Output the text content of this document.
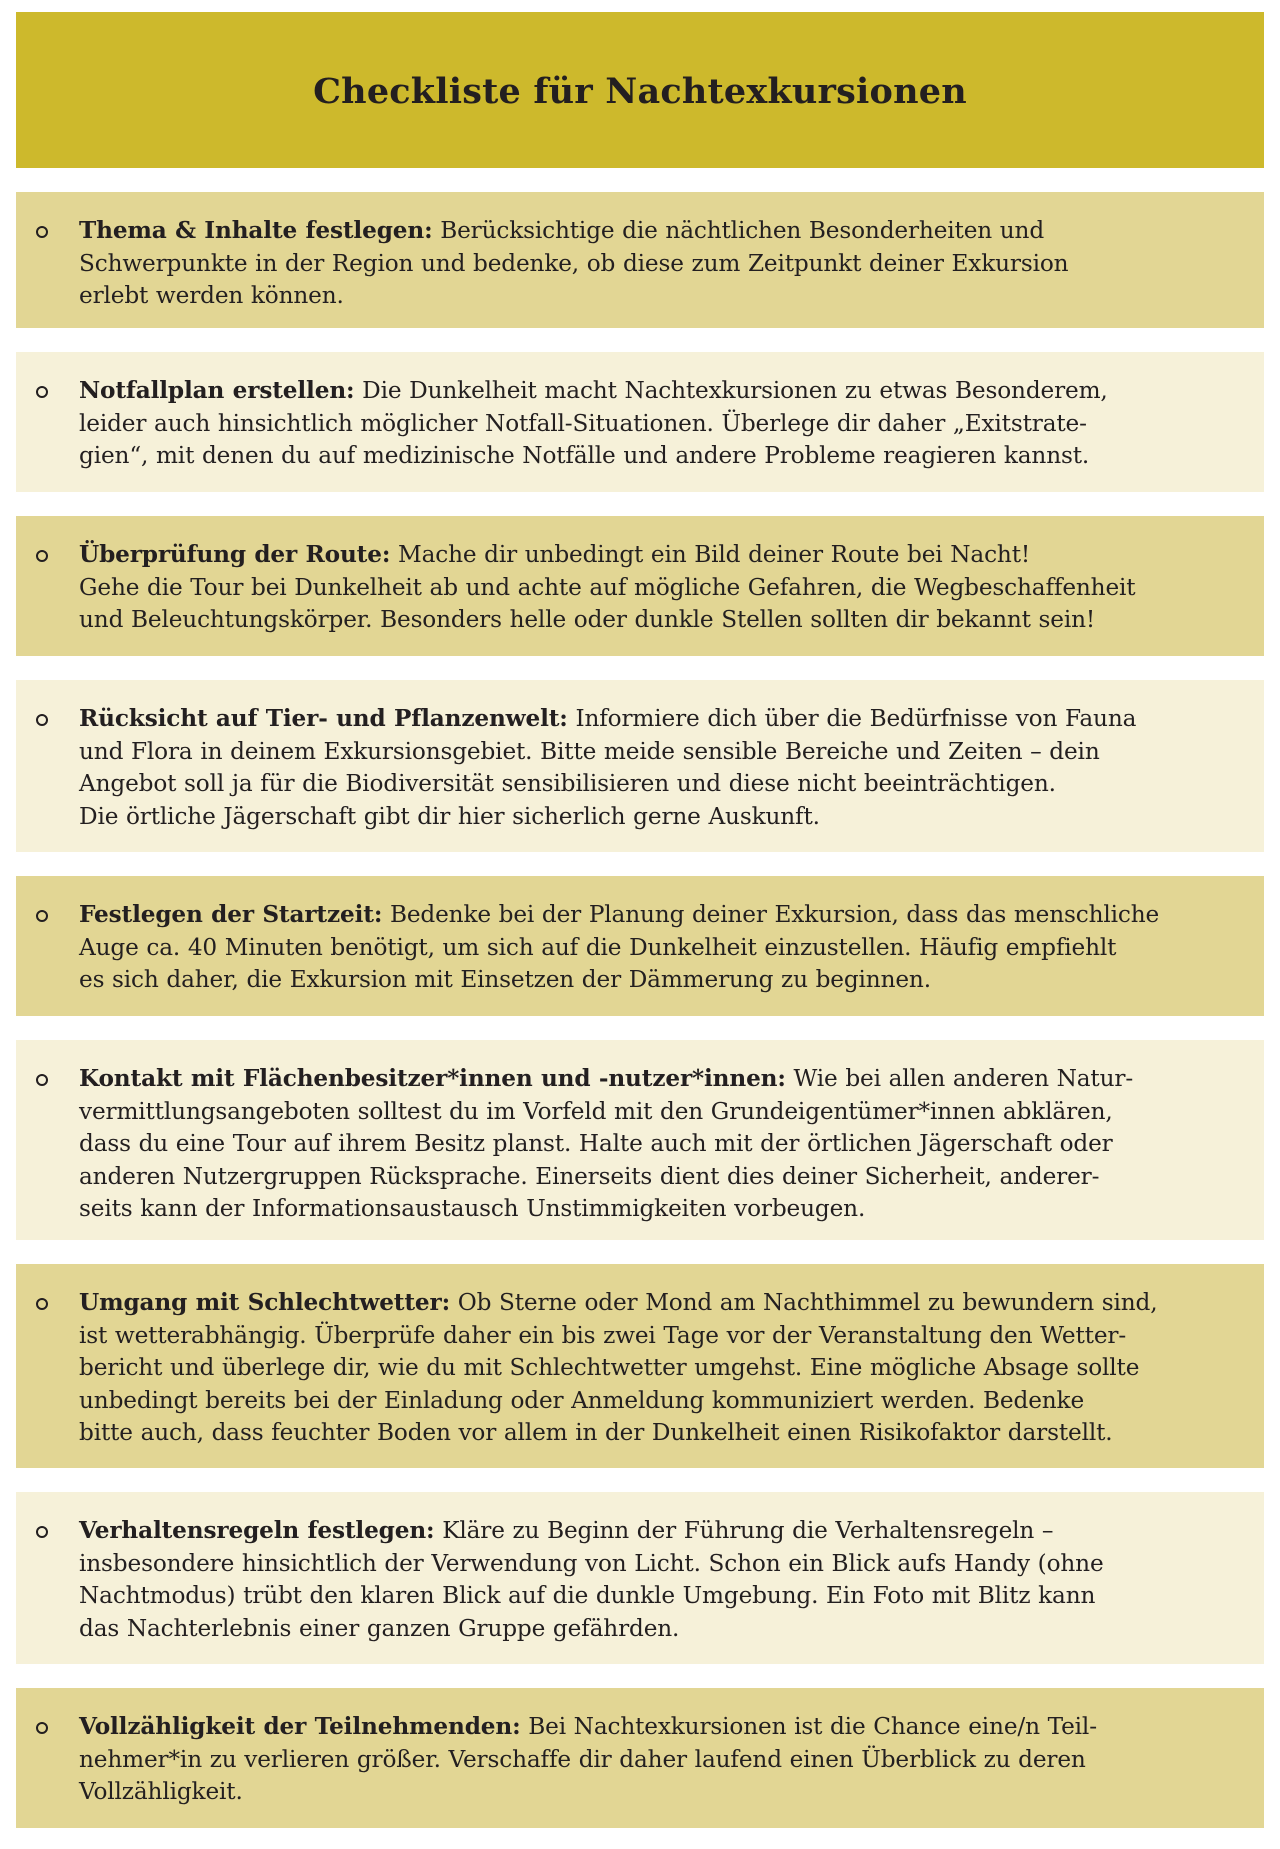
Checkliste für Nachtexkursionen
Thema & Inhalte festlegen: Berücksichtige die nächtlichen Besonderheiten und
Schwerpunkte in der Region und bedenke, ob diese zum Zeitpunkt deiner Exkursion
erlebt werden können.
Notfallplan erstellen: Die Dunkelheit macht Nachtexkursionen zu etwas Besonderem,
leider auch hinsichtlich möglicher Notfall-Situationen. Überlege dir daher „Exitstrate-
gien“, mit denen du auf medizinische Notfälle und andere Probleme reagieren kannst.
Überprüfung der Route: Mache dir unbedingt ein Bild deiner Route bei Nacht!
Gehe die Tour bei Dunkelheit ab und achte auf mögliche Gefahren, die Wegbeschaffenheit
und Beleuchtungskörper. Besonders helle oder dunkle Stellen sollten dir bekannt sein!
Rücksicht auf Tier- und Pflanzenwelt: Informiere dich über die Bedürfnisse von Fauna
und Flora in deinem Exkursionsgebiet. Bitte meide sensible Bereiche und Zeiten – dein
Angebot soll ja für die Biodiversität sensibilisieren und diese nicht beeinträchtigen.
Die örtliche Jägerschaft gibt dir hier sicherlich gerne Auskunft.
Festlegen der Startzeit: Bedenke bei der Planung deiner Exkursion, dass das menschliche
Auge ca. 40 Minuten benötigt, um sich auf die Dunkelheit einzustellen. Häufig empfiehlt
es sich daher, die Exkursion mit Einsetzen der Dämmerung zu beginnen.
Kontakt mit Flächenbesitzer*innen und -nutzer*innen: Wie bei allen anderen Natur-
vermittlungsangeboten solltest du im Vorfeld mit den Grundeigentümer*innen abklären,
dass du eine Tour auf ihrem Besitz planst. Halte auch mit der örtlichen Jägerschaft oder
anderen Nutzergruppen Rücksprache. Einerseits dient dies deiner Sicherheit, anderer-
seits kann der Informationsaustausch Unstimmigkeiten vorbeugen.
Umgang mit Schlechtwetter: Ob Sterne oder Mond am Nachthimmel zu bewundern sind,
ist wetterabhängig. Überprüfe daher ein bis zwei Tage vor der Veranstaltung den Wetter-
bericht und überlege dir, wie du mit Schlechtwetter umgehst. Eine mögliche Absage sollte
unbedingt bereits bei der Einladung oder Anmeldung kommuniziert werden. Bedenke
bitte auch, dass feuchter Boden vor allem in der Dunkelheit einen Risikofaktor darstellt.
Verhaltensregeln festlegen: Kläre zu Beginn der Führung die Verhaltensregeln –
insbesondere hinsichtlich der Verwendung von Licht. Schon ein Blick aufs Handy (ohne
Nachtmodus) trübt den klaren Blick auf die dunkle Umgebung. Ein Foto mit Blitz kann
das Nachterlebnis einer ganzen Gruppe gefährden.
Vollzähligkeit der Teilnehmenden: Bei Nachtexkursionen ist die Chance eine/n Teil-
nehmer*in zu verlieren größer. Verschaffe dir daher laufend einen Überblick zu deren
Vollzähligkeit.
